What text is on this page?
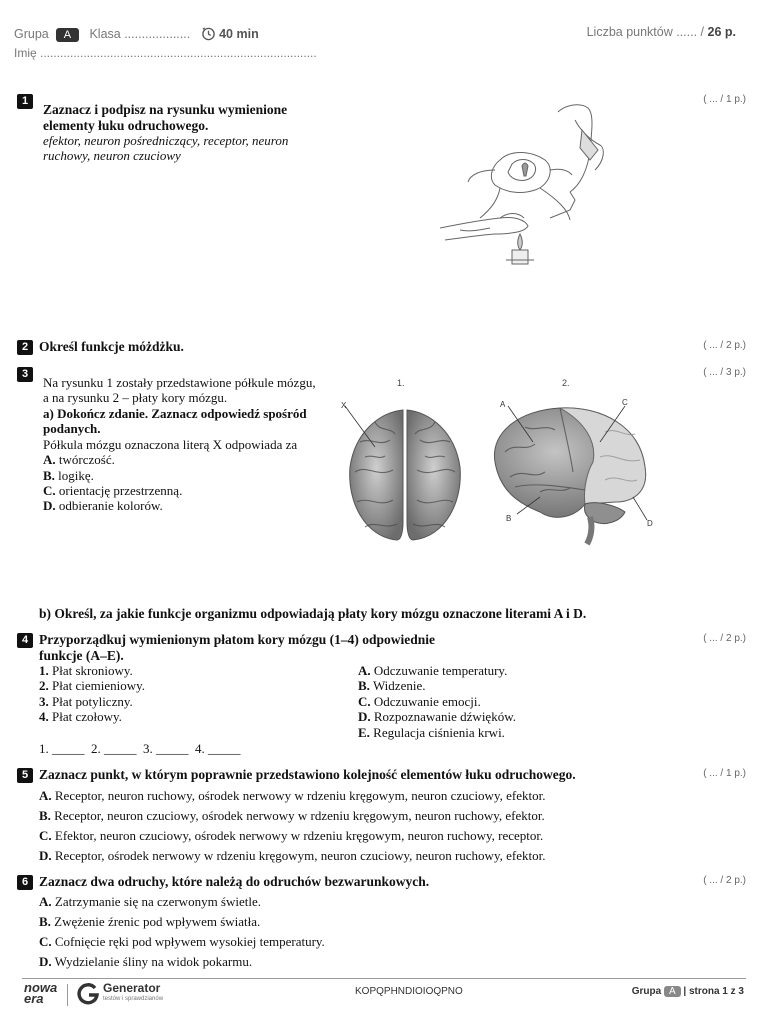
Grupa A Klasa ................... 40 min
Imię ...................................................................................
Liczba punktów ...... / 26 p.
1	( ... / 1 p.)
Zaznacz i podpisz na rysunku wymienione elementy łuku odruchowego.
efektor, neuron pośredniczący, receptor, neuron ruchowy, neuron czuciowy
2	( ... / 2 p.)
Określ funkcje móżdżku.
3	( ... / 3 p.)
Na rysunku 1 zostały przedstawione półkule mózgu, a na rysunku 2 – płaty kory mózgu.
a) Dokończ zdanie. Zaznacz odpowiedź spośród podanych.
Półkula mózgu oznaczona literą X odpowiada za
A. twórczość.
B. logikę.
C. orientację przestrzenną.
D. odbieranie kolorów.
1.	2.
X	A	C
B
D
b) Określ, za jakie funkcje organizmu odpowiadają płaty kory mózgu oznaczone literami A i D.
4	( ... / 2 p.)
Przyporządkuj wymienionym płatom kory mózgu (1–4) odpowiednie funkcje (A–E).
1. Płat skroniowy.
2. Płat ciemieniowy.
3. Płat potyliczny.
4. Płat czołowy.
A. Odczuwanie temperatury.
B. Widzenie.
C. Odczuwanie emocji.
D. Rozpoznawanie dźwięków.
E. Regulacja ciśnienia krwi.
1. _____  2. _____  3. _____  4. _____
5	( ... / 1 p.)
Zaznacz punkt, w którym poprawnie przedstawiono kolejność elementów łuku odruchowego.
A. Receptor, neuron ruchowy, ośrodek nerwowy w rdzeniu kręgowym, neuron czuciowy, efektor.
B. Receptor, neuron czuciowy, ośrodek nerwowy w rdzeniu kręgowym, neuron ruchowy, efektor.
C. Efektor, neuron czuciowy, ośrodek nerwowy w rdzeniu kręgowym, neuron ruchowy, receptor.
D. Receptor, ośrodek nerwowy w rdzeniu kręgowym, neuron czuciowy, neuron ruchowy, efektor.
6	( ... / 2 p.)
Zaznacz dwa odruchy, które należą do odruchów bezwarunkowych.
A. Zatrzymanie się na czerwonym świetle.
B. Zwężenie źrenic pod wpływem światła.
C. Cofnięcie ręki pod wpływem wysokiej temperatury.
D. Wydzielanie śliny na widok pokarmu.
nowa
era
Generator
testów i sprawdzianów
KOPQPHNDIOIOQPNO	Grupa A | strona 1 z 3
